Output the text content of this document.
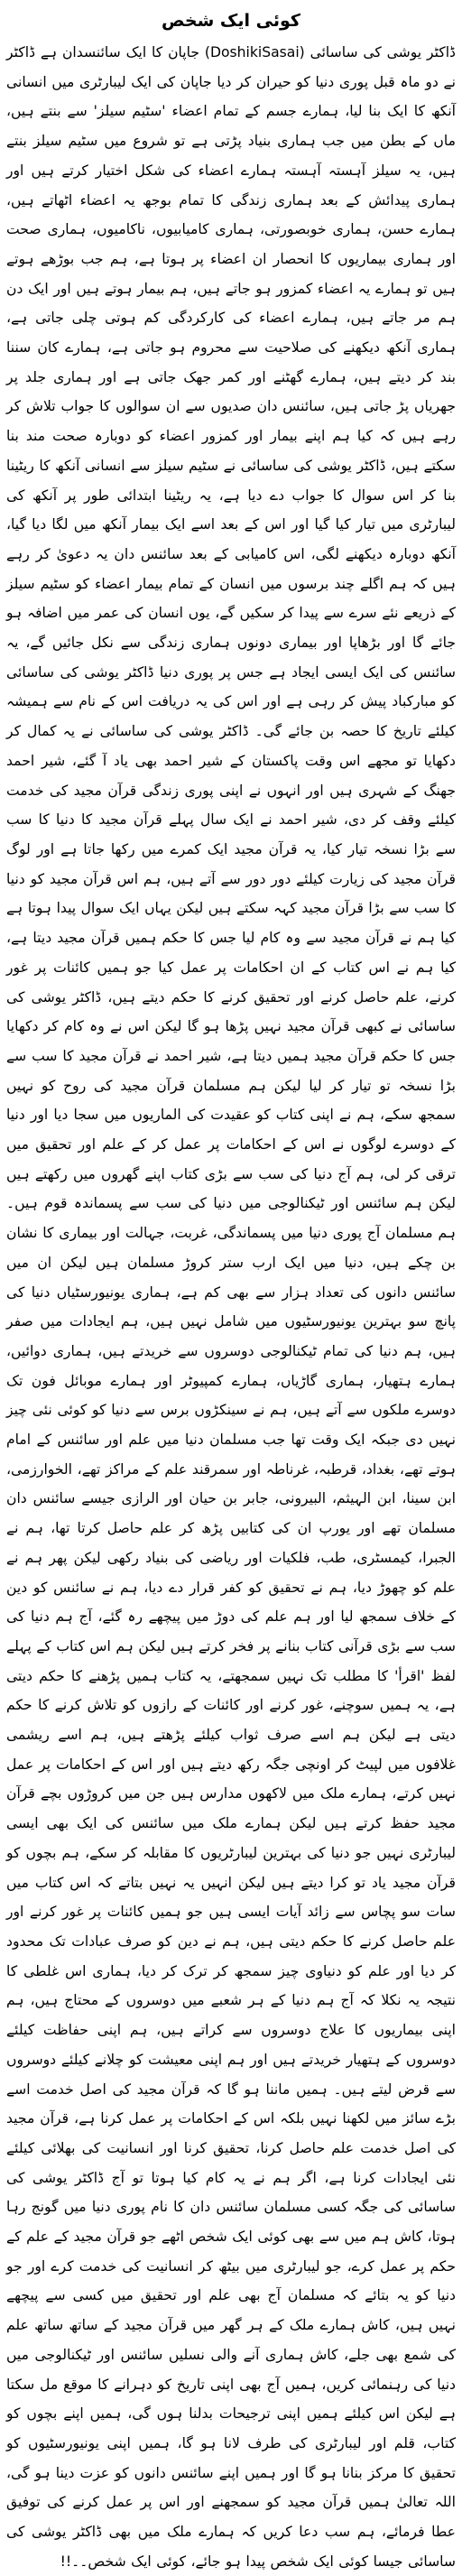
کوئی ایک شخص

ڈاکٹر یوشی کی ساسائی (DoshikiSasai) جاپان کا ایک سائنسدان ہے ڈاکٹر نے دو ماہ قبل پوری دنیا کو حیران کر دیا جاپان کی ایک لیبارٹری میں انسانی آنکھ کا ایک بنا لیا، ہمارے جسم کے تمام اعضاء 'سٹیم سیلز' سے بنتے ہیں، ماں کے بطن میں جب ہماری بنیاد پڑتی ہے تو شروع میں سٹیم سیلز بنتے ہیں، یہ سیلز آہستہ آہستہ ہمارے اعضاء کی شکل اختیار کرتے ہیں اور ہماری پیدائش کے بعد ہماری زندگی کا تمام بوجھ یہ اعضاء اٹھاتے ہیں، ہمارے حسن، ہماری خوبصورتی، ہماری کامیابیوں، ناکامیوں، ہماری صحت اور ہماری بیماریوں کا انحصار ان اعضاء پر ہوتا ہے، ہم جب بوڑھے ہوتے ہیں تو ہمارے یہ اعضاء کمزور ہو جاتے ہیں، ہم بیمار ہوتے ہیں اور ایک دن ہم مر جاتے ہیں، ہمارے اعضاء کی کارکردگی کم ہوتی چلی جاتی ہے، ہماری آنکھ دیکھنے کی صلاحیت سے محروم ہو جاتی ہے، ہمارے کان سننا بند کر دیتے ہیں، ہمارے گھٹنے اور کمر جھک جاتی ہے اور ہماری جلد پر جھریاں پڑ جاتی ہیں، سائنس دان صدیوں سے ان سوالوں کا جواب تلاش کر رہے ہیں کہ کیا ہم اپنے بیمار اور کمزور اعضاء کو دوبارہ صحت مند بنا سکتے ہیں، ڈاکٹر یوشی کی ساسائی نے سٹیم سیلز سے انسانی آنکھ کا ریٹینا بنا کر اس سوال کا جواب دے دیا ہے، یہ ریٹینا ابتدائی طور پر آنکھ کی لیبارٹری میں تیار کیا گیا اور اس کے بعد اسے ایک بیمار آنکھ میں لگا دیا گیا، آنکھ دوبارہ دیکھنے لگی، اس کامیابی کے بعد سائنس دان یہ دعویٰ کر رہے ہیں کہ ہم اگلے چند برسوں میں انسان کے تمام بیمار اعضاء کو سٹیم سیلز کے ذریعے نئے سرے سے پیدا کر سکیں گے، یوں انسان کی عمر میں اضافہ ہو جائے گا اور بڑھاپا اور بیماری دونوں ہماری زندگی سے نکل جائیں گے، یہ سائنس کی ایک ایسی ایجاد ہے جس پر پوری دنیا ڈاکٹر یوشی کی ساسائی کو مبارکباد پیش کر رہی ہے اور اس کی یہ دریافت اس کے نام سے ہمیشہ کیلئے تاریخ کا حصہ بن جائے گی۔ ڈاکٹر یوشی کی ساسائی نے یہ کمال کر دکھایا تو مجھے اس وقت پاکستان کے شیر احمد بھی یاد آ گئے، شیر احمد جھنگ کے شہری ہیں اور انہوں نے اپنی پوری زندگی قرآن مجید کی خدمت کیلئے وقف کر دی، شیر احمد نے ایک سال پہلے قرآن مجید کا دنیا کا سب سے بڑا نسخہ تیار کیا، یہ قرآن مجید ایک کمرے میں رکھا جاتا ہے اور لوگ قرآن مجید کی زیارت کیلئے دور دور سے آتے ہیں، ہم اس قرآن مجید کو دنیا کا سب سے بڑا قرآن مجید کہہ سکتے ہیں لیکن یہاں ایک سوال پیدا ہوتا ہے کیا ہم نے قرآن مجید سے وہ کام لیا جس کا حکم ہمیں قرآن مجید دیتا ہے، کیا ہم نے اس کتاب کے ان احکامات پر عمل کیا جو ہمیں کائنات پر غور کرنے، علم حاصل کرنے اور تحقیق کرنے کا حکم دیتے ہیں، ڈاکٹر یوشی کی ساسائی نے کبھی قرآن مجید نہیں پڑھا ہو گا لیکن اس نے وہ کام کر دکھایا جس کا حکم قرآن مجید ہمیں دیتا ہے، شیر احمد نے قرآن مجید کا سب سے بڑا نسخہ تو تیار کر لیا لیکن ہم مسلمان قرآن مجید کی روح کو نہیں سمجھ سکے، ہم نے اپنی کتاب کو عقیدت کی الماریوں میں سجا دیا اور دنیا کے دوسرے لوگوں نے اس کے احکامات پر عمل کر کے علم اور تحقیق میں ترقی کر لی، ہم آج دنیا کی سب سے بڑی کتاب اپنے گھروں میں رکھتے ہیں لیکن ہم سائنس اور ٹیکنالوجی میں دنیا کی سب سے پسماندہ قوم ہیں۔ ہم مسلمان آج پوری دنیا میں پسماندگی، غربت، جہالت اور بیماری کا نشان بن چکے ہیں، دنیا میں ایک ارب ستر کروڑ مسلمان ہیں لیکن ان میں سائنس دانوں کی تعداد ہزار سے بھی کم ہے، ہماری یونیورسٹیاں دنیا کی پانچ سو بہترین یونیورسٹیوں میں شامل نہیں ہیں، ہم ایجادات میں صفر ہیں، ہم دنیا کی تمام ٹیکنالوجی دوسروں سے خریدتے ہیں، ہماری دوائیں، ہمارے ہتھیار، ہماری گاڑیاں، ہمارے کمپیوٹر اور ہمارے موبائل فون تک دوسرے ملکوں سے آتے ہیں، ہم نے سینکڑوں برس سے دنیا کو کوئی نئی چیز نہیں دی جبکہ ایک وقت تھا جب مسلمان دنیا میں علم اور سائنس کے امام ہوتے تھے، بغداد، قرطبہ، غرناطہ اور سمرقند علم کے مراکز تھے، الخوارزمی، ابن سینا، ابن الہیثم، البیرونی، جابر بن حیان اور الرازی جیسے سائنس دان مسلمان تھے اور یورپ ان کی کتابیں پڑھ کر علم حاصل کرتا تھا، ہم نے الجبرا، کیمسٹری، طب، فلکیات اور ریاضی کی بنیاد رکھی لیکن پھر ہم نے علم کو چھوڑ دیا، ہم نے تحقیق کو کفر قرار دے دیا، ہم نے سائنس کو دین کے خلاف سمجھ لیا اور ہم علم کی دوڑ میں پیچھے رہ گئے، آج ہم دنیا کی سب سے بڑی قرآنی کتاب بنانے پر فخر کرتے ہیں لیکن ہم اس کتاب کے پہلے لفظ 'اقرأ' کا مطلب تک نہیں سمجھتے، یہ کتاب ہمیں پڑھنے کا حکم دیتی ہے، یہ ہمیں سوچنے، غور کرنے اور کائنات کے رازوں کو تلاش کرنے کا حکم دیتی ہے لیکن ہم اسے صرف ثواب کیلئے پڑھتے ہیں، ہم اسے ریشمی غلافوں میں لپیٹ کر اونچی جگہ رکھ دیتے ہیں اور اس کے احکامات پر عمل نہیں کرتے، ہمارے ملک میں لاکھوں مدارس ہیں جن میں کروڑوں بچے قرآن مجید حفظ کرتے ہیں لیکن ہمارے ملک میں سائنس کی ایک بھی ایسی لیبارٹری نہیں جو دنیا کی بہترین لیبارٹریوں کا مقابلہ کر سکے، ہم بچوں کو قرآن مجید یاد تو کرا دیتے ہیں لیکن انہیں یہ نہیں بتاتے کہ اس کتاب میں سات سو پچاس سے زائد آیات ایسی ہیں جو ہمیں کائنات پر غور کرنے اور علم حاصل کرنے کا حکم دیتی ہیں، ہم نے دین کو صرف عبادات تک محدود کر دیا اور علم کو دنیاوی چیز سمجھ کر ترک کر دیا، ہماری اس غلطی کا نتیجہ یہ نکلا کہ آج ہم دنیا کے ہر شعبے میں دوسروں کے محتاج ہیں، ہم اپنی بیماریوں کا علاج دوسروں سے کراتے ہیں، ہم اپنی حفاظت کیلئے دوسروں کے ہتھیار خریدتے ہیں اور ہم اپنی معیشت کو چلانے کیلئے دوسروں سے قرض لیتے ہیں۔ ہمیں ماننا ہو گا کہ قرآن مجید کی اصل خدمت اسے بڑے سائز میں لکھنا نہیں بلکہ اس کے احکامات پر عمل کرنا ہے، قرآن مجید کی اصل خدمت علم حاصل کرنا، تحقیق کرنا اور انسانیت کی بھلائی کیلئے نئی ایجادات کرنا ہے، اگر ہم نے یہ کام کیا ہوتا تو آج ڈاکٹر یوشی کی ساسائی کی جگہ کسی مسلمان سائنس دان کا نام پوری دنیا میں گونج رہا ہوتا، کاش ہم میں سے بھی کوئی ایک شخص اٹھے جو قرآن مجید کے علم کے حکم پر عمل کرے، جو لیبارٹری میں بیٹھ کر انسانیت کی خدمت کرے اور جو دنیا کو یہ بتائے کہ مسلمان آج بھی علم اور تحقیق میں کسی سے پیچھے نہیں ہیں، کاش ہمارے ملک کے ہر گھر میں قرآن مجید کے ساتھ ساتھ علم کی شمع بھی جلے، کاش ہماری آنے والی نسلیں سائنس اور ٹیکنالوجی میں دنیا کی رہنمائی کریں، ہمیں آج بھی اپنی تاریخ کو دہرانے کا موقع مل سکتا ہے لیکن اس کیلئے ہمیں اپنی ترجیحات بدلنا ہوں گی، ہمیں اپنے بچوں کو کتاب، قلم اور لیبارٹری کی طرف لانا ہو گا، ہمیں اپنی یونیورسٹیوں کو تحقیق کا مرکز بنانا ہو گا اور ہمیں اپنے سائنس دانوں کو عزت دینا ہو گی، اللہ تعالیٰ ہمیں قرآن مجید کو سمجھنے اور اس پر عمل کرنے کی توفیق عطا فرمائے، ہم سب دعا کریں کہ ہمارے ملک میں بھی ڈاکٹر یوشی کی ساسائی جیسا کوئی ایک شخص پیدا ہو جائے، کوئی ایک شخص۔۔!!
